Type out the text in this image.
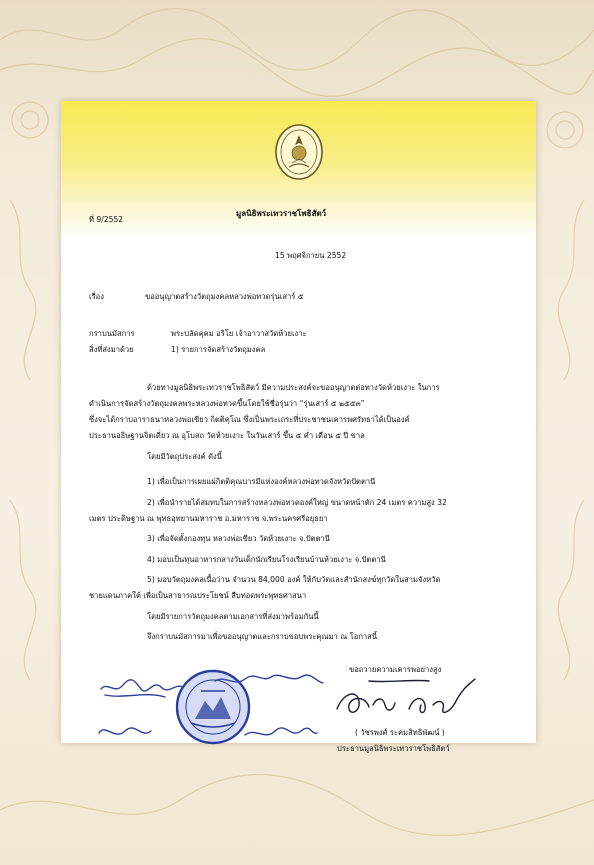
มูลนิธิพระเทวราชโพธิสัตว์
ที่ 9/2552
15 พฤศจิกายน 2552
เรื่อง	ขออนุญาตสร้างวัตถุมงคลหลวงพ่อทวดรุ่นเสาร์ ๕
กราบนมัสการ	พระปลัดคุคม อริโย เจ้าอาวาสวัดห้วยเงาะ
สิ่งที่ส่งมาด้วย	1) รายการจัดสร้างวัตถุมงคล
ด้วยทางมูลนิธิพระเทวราชโพธิสัตว์ มีความประสงค์จะขออนุญาตต่อทางวัดห้วยเงาะ ในการ
ดำเนินการจัดสร้างวัตถุมงคลพระหลวงพ่อทวดขึ้นโดยใช้ชื่อรุ่นว่า “รุ่นเสาร์ ๕ ๒๕๕๓”
ซึ่งจะได้กราบอาราธนาหลวงพ่อเขียว กิตติคุโณ ซึ่งเป็นพระเถระที่ประชาชนเคารพศรัทธาได้เป็นองค์
ประธานอธิษฐานจิตเดี่ยว ณ อุโบสถ วัดห้วยเงาะ ในวันเสาร์ ขึ้น ๕ ค่ำ เดือน ๕ ปี ขาล
โดยมีวัตถุประสงค์ ดังนี้
1) เพื่อเป็นการเผยแผ่กิตติคุณบารมีแห่งองค์หลวงพ่อทวดจังหวัดปัตตานี
2) เพื่อนำรายได้สมทบในการสร้างหลวงพ่อทวดองค์ใหญ่ ขนาดหน้าตัก 24 เมตร ความสูง 32
เมตร ประดิษฐาน ณ พุทธอุทยานมหาราช อ.มหาราช จ.พระนครศรีอยุธยา
3) เพื่อจัดตั้งกองทุน หลวงพ่อเขียว วัดห้วยเงาะ จ.ปัตตานี
4) มอบเป็นทุนอาหารกลางวันเด็กนักเรียนโรงเรียนบ้านห้วยเงาะ จ.ปัตตานี
5) มอบวัตถุมงคลเนื้อว่าน จำนวน 84,000 องค์ ให้กับวัดและสำนักสงฆ์ทุกวัดในสามจังหวัด
ชายแดนภาคใต้ เพื่อเป็นสาธารณประโยชน์ สืบทอดพระพุทธศาสนา
โดยมีรายการวัตถุมงคลตามเอกสารที่ส่งมาพร้อมกันนี้
จึงกราบนมัสการมาเพื่อขออนุญาตและกราบขอบพระคุณมา ณ โอกาสนี้
ขอถวายความเคารพอย่างสูง
( วัชรพงศ์ ระคมสิทธิพัฒน์ )
ประธานมูลนิธิพระเทวราชโพธิสัตว์
